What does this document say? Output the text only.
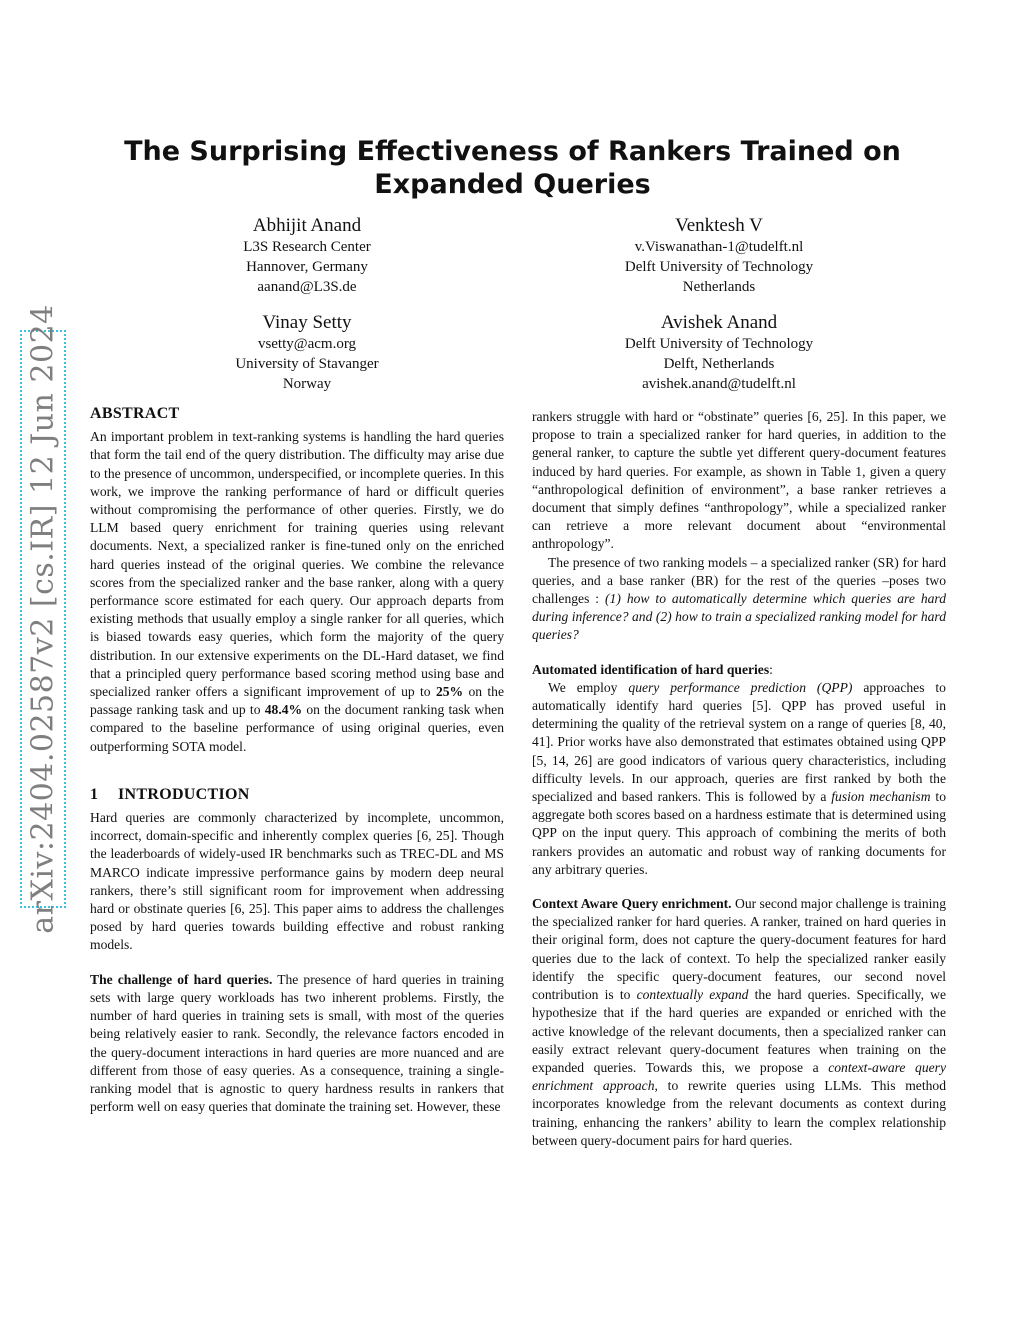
arXiv:2404.02587v2 [cs.IR] 12 Jun 2024
The Surprising Effectiveness of Rankers Trained on Expanded Queries
Abhijit Anand
L3S Research Center
Hannover, Germany
aanand@L3S.de
Venktesh V
v.Viswanathan-1@tudelft.nl
Delft University of Technology
Netherlands
Vinay Setty
vsetty@acm.org
University of Stavanger
Norway
Avishek Anand
Delft University of Technology
Delft, Netherlands
avishek.anand@tudelft.nl
ABSTRACT

An important problem in text-ranking systems is handling the hard queries that form the tail end of the query distribution. The difficulty may arise due to the presence of uncommon, underspecified, or incomplete queries. In this work, we improve the ranking performance of hard or difficult queries without compromising the performance of other queries. Firstly, we do LLM based query enrichment for training queries using relevant documents. Next, a specialized ranker is fine-tuned only on the enriched hard queries instead of the original queries. We combine the relevance scores from the specialized ranker and the base ranker, along with a query performance score estimated for each query. Our approach departs from existing methods that usually employ a single ranker for all queries, which is biased towards easy queries, which form the majority of the query distribution. In our extensive experiments on the DL-Hard dataset, we find that a principled query performance based scoring method using base and specialized ranker offers a significant improvement of up to 25% on the passage ranking task and up to 48.4% on the document ranking task when compared to the baseline performance of using original queries, even outperforming SOTA model.

1 INTRODUCTION

Hard queries are commonly characterized by incomplete, uncommon, incorrect, domain-specific and inherently complex queries [6, 25]. Though the leaderboards of widely-used IR benchmarks such as TREC-DL and MS MARCO indicate impressive performance gains by modern deep neural rankers, there’s still significant room for improvement when addressing hard or obstinate queries [6, 25]. This paper aims to address the challenges posed by hard queries towards building effective and robust ranking models.

The challenge of hard queries. The presence of hard queries in training sets with large query workloads has two inherent problems. Firstly, the number of hard queries in training sets is small, with most of the queries being relatively easier to rank. Secondly, the relevance factors encoded in the query-document interactions in hard queries are more nuanced and are different from those of easy queries. As a consequence, training a single-ranking model that is agnostic to query hardness results in rankers that perform well on easy queries that dominate the training set. However, these

rankers struggle with hard or “obstinate” queries [6, 25]. In this paper, we propose to train a specialized ranker for hard queries, in addition to the general ranker, to capture the subtle yet different query-document features induced by hard queries. For example, as shown in Table 1, given a query “anthropological definition of environment”, a base ranker retrieves a document that simply defines “anthropology”, while a specialized ranker can retrieve a more relevant document about “environmental anthropology”.

The presence of two ranking models – a specialized ranker (SR) for hard queries, and a base ranker (BR) for the rest of the queries –poses two challenges : (1) how to automatically determine which queries are hard during inference? and (2) how to train a specialized ranking model for hard queries?

Automated identification of hard queries:

We employ query performance prediction (QPP) approaches to automatically identify hard queries [5]. QPP has proved useful in determining the quality of the retrieval system on a range of queries [8, 40, 41]. Prior works have also demonstrated that estimates obtained using QPP [5, 14, 26] are good indicators of various query characteristics, including difficulty levels. In our approach, queries are first ranked by both the specialized and based rankers. This is followed by a fusion mechanism to aggregate both scores based on a hardness estimate that is determined using QPP on the input query. This approach of combining the merits of both rankers provides an automatic and robust way of ranking documents for any arbitrary queries.

Context Aware Query enrichment. Our second major challenge is training the specialized ranker for hard queries. A ranker, trained on hard queries in their original form, does not capture the query-document features for hard queries due to the lack of context. To help the specialized ranker easily identify the specific query-document features, our second novel contribution is to contextually expand the hard queries. Specifically, we hypothesize that if the hard queries are expanded or enriched with the active knowledge of the relevant documents, then a specialized ranker can easily extract relevant query-document features when training on the expanded queries. Towards this, we propose a context-aware query enrichment approach, to rewrite queries using LLMs. This method incorporates knowledge from the relevant documents as context during training, enhancing the rankers’ ability to learn the complex relationship between query-document pairs for hard queries.
